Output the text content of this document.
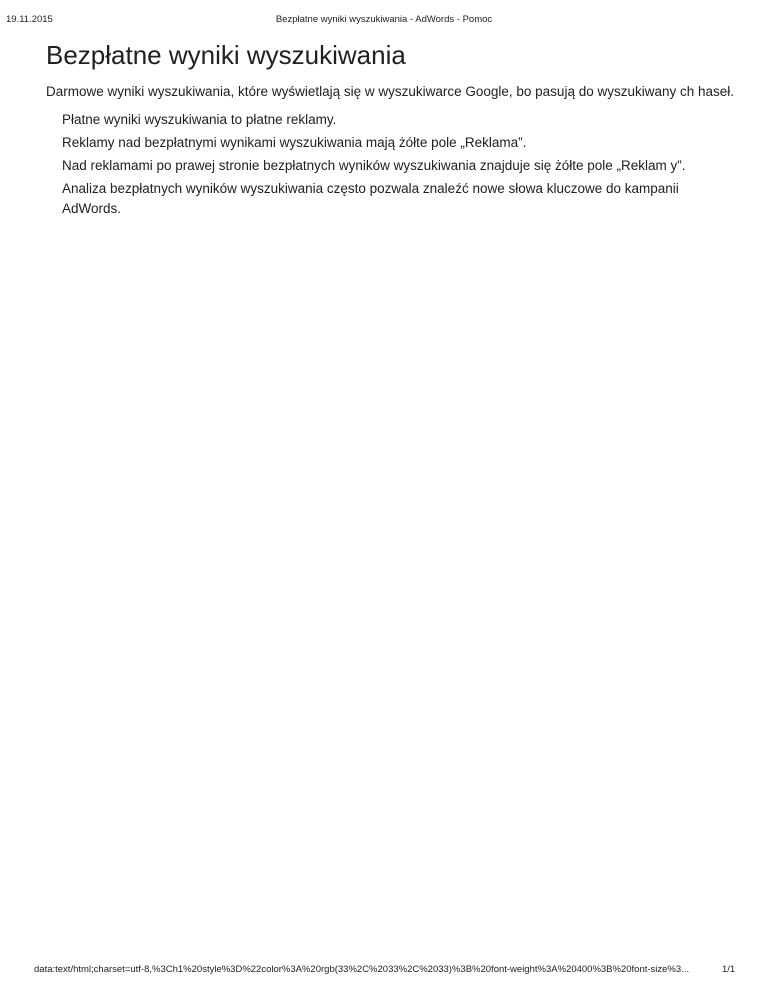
19.11.2015	Bezpłatne wyniki wyszukiwania - AdWords - Pomoc
Bezpłatne wyniki wyszukiwania

Darmowe wyniki wyszukiwania, które wyświetlają się w wyszukiwarce Google, bo pasują do wyszukiwany ch haseł.

Płatne wyniki wyszukiwania to płatne reklamy.
Reklamy nad bezpłatnymi wynikami wyszukiwania mają żółte pole „Reklama”.
Nad reklamami po prawej stronie bezpłatnych wyników wyszukiwania znajduje się żółte pole „Reklam y”.
Analiza bezpłatnych wyników wyszukiwania często pozwala znaleźć nowe słowa kluczowe do kampanii AdWords.
data:text/html;charset=utf-8,%3Ch1%20style%3D%22color%3A%20rgb(33%2C%2033%2C%2033)%3B%20font-weight%3A%20400%3B%20font-size%3...	1/1
